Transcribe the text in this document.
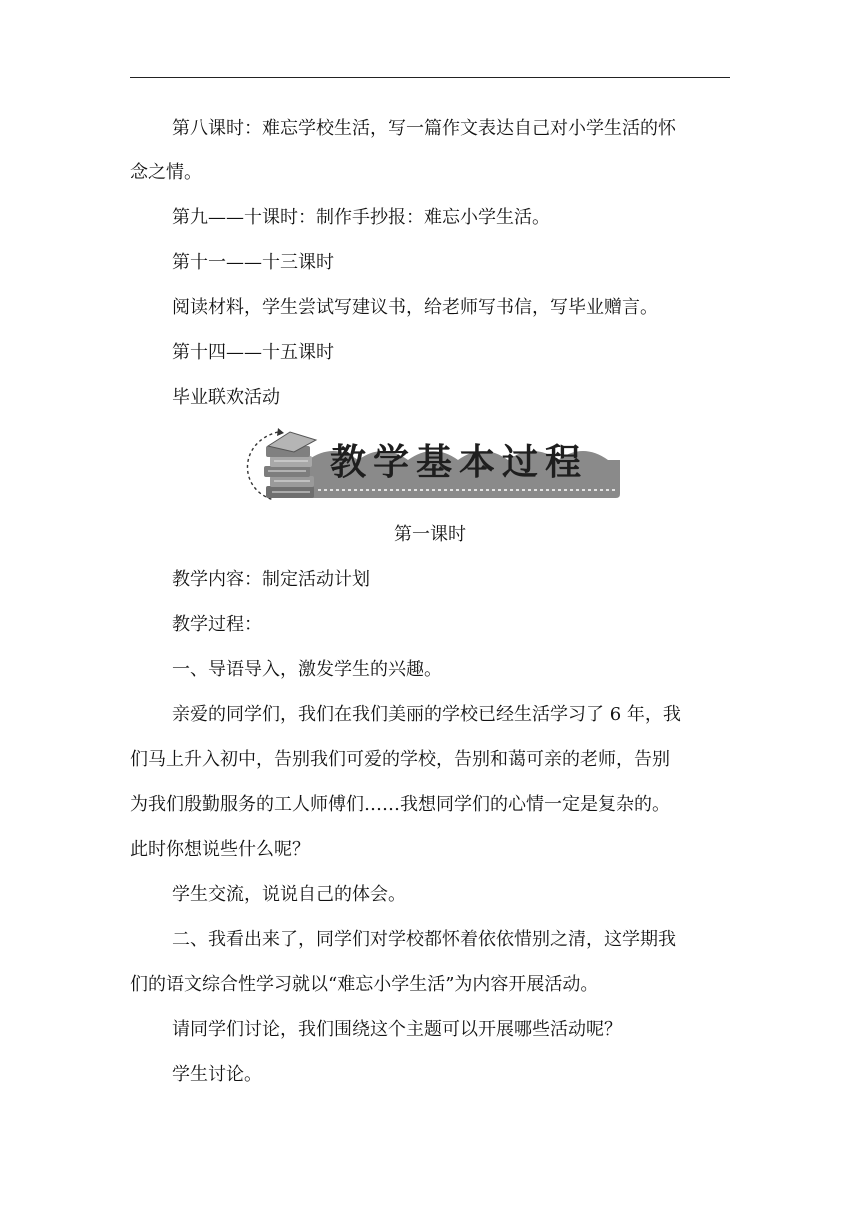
第八课时：难忘学校生活，写一篇作文表达自己对小学生活的怀

念之情。

第九——十课时：制作手抄报：难忘小学生活。

第十一——十三课时

阅读材料，学生尝试写建议书，给老师写书信，写毕业赠言。

第十四——十五课时

毕业联欢活动

教学基本过程

第一课时

教学内容：制定活动计划

教学过程：

一、导语导入，激发学生的兴趣。

亲爱的同学们，我们在我们美丽的学校已经生活学习了 6 年，我

们马上升入初中，告别我们可爱的学校，告别和蔼可亲的老师，告别

为我们殷勤服务的工人师傅们……我想同学们的心情一定是复杂的。

此时你想说些什么呢？

学生交流，说说自己的体会。

二、我看出来了，同学们对学校都怀着依依惜别之清，这学期我

们的语文综合性学习就以“难忘小学生活”为内容开展活动。

请同学们讨论，我们围绕这个主题可以开展哪些活动呢？

学生讨论。
